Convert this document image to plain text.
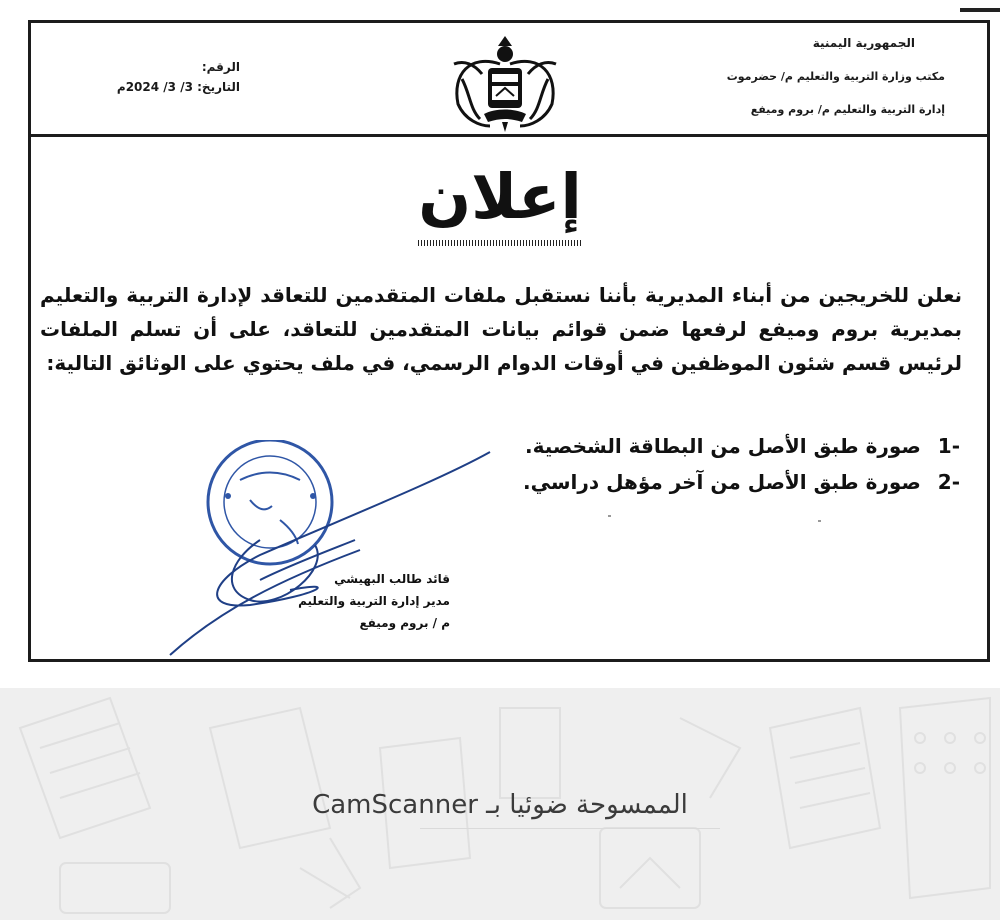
الجمهورية اليمنية
مكتب وزارة التربية والتعليم م/ حضرموت
إدارة التربية والتعليم م/ بروم وميفع
الرقم:
التاريخ: 3/ 3/ 2024م
إعلان
نعلن للخريجين من أبناء المديرية بأننا نستقبل ملفات المتقدمين للتعاقد لإدارة التربية والتعليم بمديرية بروم وميفع لرفعها ضمن قوائم بيانات المتقدمين للتعاقد، على أن تسلم الملفات لرئيس قسم شئون الموظفين في أوقات الدوام الرسمي، في ملف يحتوي على الوثائق التالية:
-1 صورة طبق الأصل من البطاقة الشخصية.
-2 صورة طبق الأصل من آخر مؤهل دراسي.
قائد طالب البهيشي
مدير إدارة التربية والتعليم
م / بروم وميفع
الممسوحة ضوئيا بـ CamScanner
